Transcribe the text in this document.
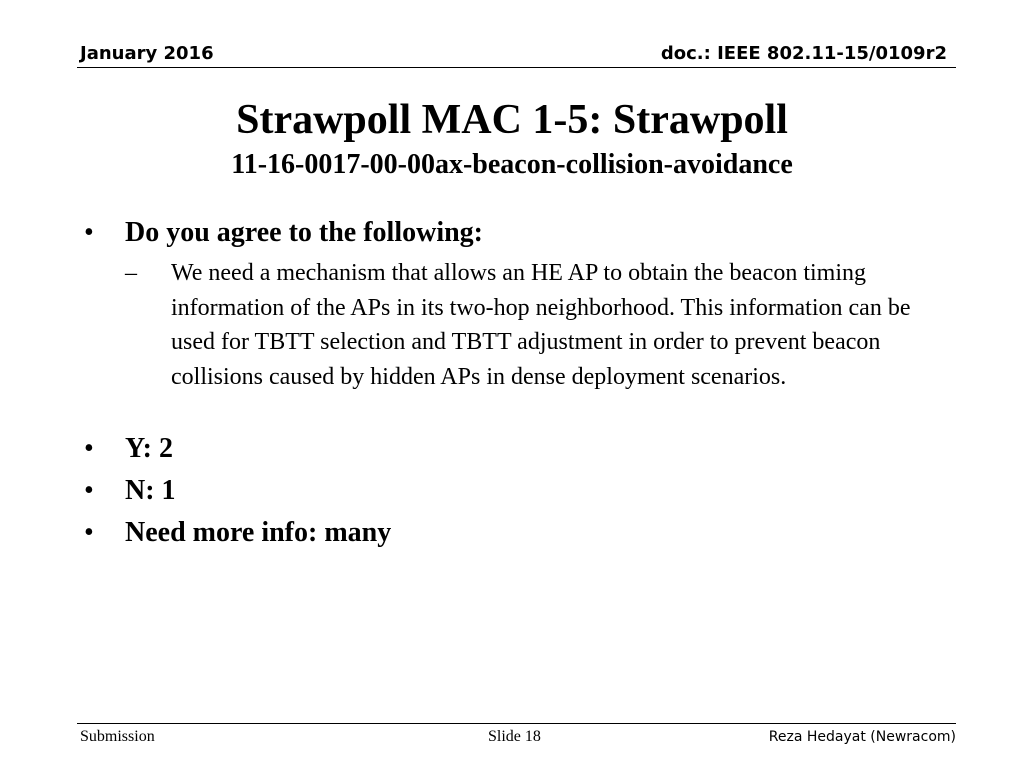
January 2016	doc.: IEEE 802.11-15/0109r2
Strawpoll MAC 1-5: Strawpoll
11-16-0017-00-00ax-beacon-collision-avoidance
• Do you agree to the following:
– We need a mechanism that allows an HE AP to obtain the beacon timing information of the APs in its two-hop neighborhood. This information can be used for TBTT selection and TBTT adjustment in order to prevent beacon collisions caused by hidden APs in dense deployment scenarios.
• Y: 2
• N: 1
• Need more info: many
Submission	Slide 18	Reza Hedayat (Newracom)
